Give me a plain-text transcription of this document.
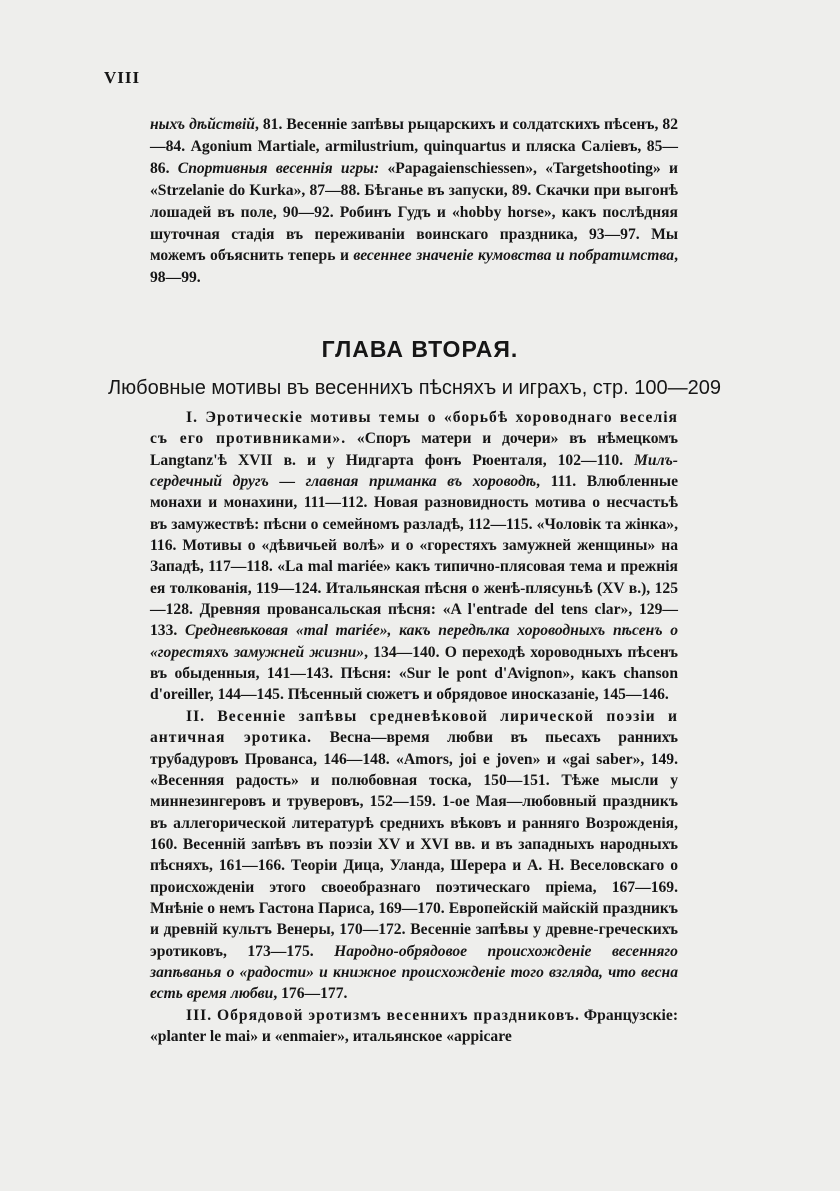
VIII
ныхъ дѣйствій, 81. Весенніе запѣвы рыцарскихъ и солдатскихъ пѣсенъ, 82—84. Agonium Martiale, armilustrium, quinquartus и пляска Саліевъ, 85—86. Спортивныя весеннія игры: «Papagaienschiessen», «Targetshooting» и «Strzelanie do Kurka», 87—88. Бѣганье въ запуски, 89. Скачки при выгонѣ лошадей въ поле, 90—92. Робинъ Гудъ и «hobby horse», какъ послѣдняя шуточная стадія въ переживаніи воинскаго праздника, 93—97. Мы можемъ объяснить теперь и весеннее значеніе кумовства и побратимства, 98—99.
ГЛАВА ВТОРАЯ.
Любовные мотивы въ весеннихъ пѣсняхъ и играхъ, стр. 100—209

I. Эротическіе мотивы темы о «борьбѣ хороводнаго веселія съ его противниками». «Споръ матери и дочери» въ нѣмецкомъ Langtanz'ѣ XVII в. и у Нидгарта фонъ Рюенталя, 102—110. Милъ-сердечный другъ — главная приманка въ хороводѣ, 111. Влюбленные монахи и монахини, 111—112. Новая разновидность мотива о несчастьѣ въ замужествѣ: пѣсни о семейномъ разладѣ, 112—115. «Чоловік та жінка», 116. Мотивы о «дѣвичьей волѣ» и о «горестяхъ замужней женщины» на Западѣ, 117—118. «La mal mariée» какъ типично-плясовая тема и прежнія ея толкованія, 119—124. Итальянская пѣсня о женѣ-плясуньѣ (XV в.), 125—128. Древняя провансальская пѣсня: «A l'entrade del tens clar», 129—133. Средневѣковая «mal mariée», какъ передѣлка хороводныхъ пѣсенъ о «горестяхъ замужней жизни», 134—140. О переходѣ хороводныхъ пѣсенъ въ обыденныя, 141—143. Пѣсня: «Sur le pont d'Avignon», какъ chanson d'oreiller, 144—145. Пѣсенный сюжетъ и обрядовое иносказаніе, 145—146.

II. Весенніе запѣвы средневѣковой лирической поэзіи и античная эротика. Весна—время любви въ пьесахъ раннихъ трубадуровъ Прованса, 146—148. «Amors, joi e joven» и «gai saber», 149. «Весенняя радость» и полюбовная тоска, 150—151. Тѣже мысли у миннезингеровъ и труверовъ, 152—159. 1-ое Мая—любовный праздникъ въ аллегорической литературѣ среднихъ вѣковъ и ранняго Возрожденія, 160. Весенній запѣвъ въ поэзіи XV и XVI вв. и въ западныхъ народныхъ пѣсняхъ, 161—166. Теоріи Дица, Уланда, Шерера и А. Н. Веселовскаго о происхожденіи этого своеобразнаго поэтическаго пріема, 167—169. Мнѣніе о немъ Гастона Париса, 169—170. Европейскій майскій праздникъ и древній культъ Венеры, 170—172. Весенніе запѣвы у древне-греческихъ эротиковъ, 173—175. Народно-обрядовое происхожденіе весенняго запѣванья о «радости» и книжное происхожденіе того взгляда, что весна есть время любви, 176—177.

III. Обрядовой эротизмъ весеннихъ праздниковъ. Французскіе: «planter le mai» и «enmaier», итальянское «appicare
